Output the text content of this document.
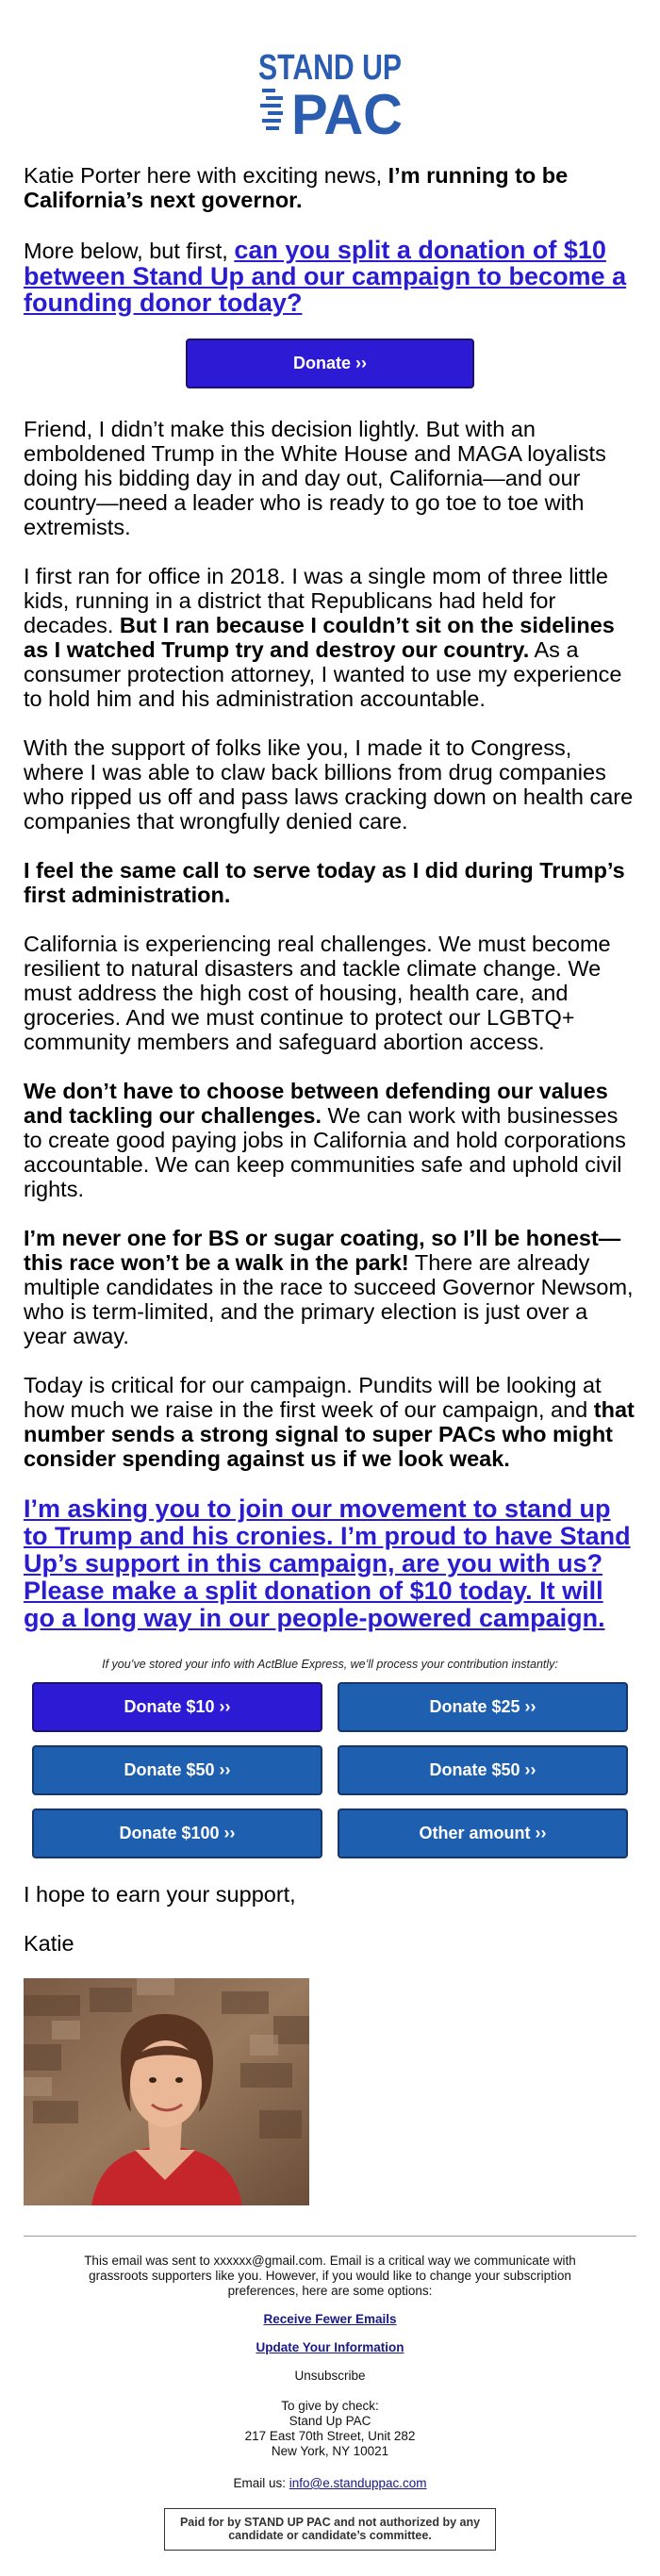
STAND UP
PAC

Katie Porter here with exciting news, I’m running to be California’s next governor.

More below, but first, can you split a donation of $10 between Stand Up and our campaign to become a founding donor today?

Donate ››

Friend, I didn’t make this decision lightly. But with an emboldened Trump in the White House and MAGA loyalists doing his bidding day in and day out, California—and our country—need a leader who is ready to go toe to toe with extremists.

I first ran for office in 2018. I was a single mom of three little kids, running in a district that Republicans had held for decades. But I ran because I couldn’t sit on the sidelines as I watched Trump try and destroy our country. As a consumer protection attorney, I wanted to use my experience to hold him and his administration accountable.

With the support of folks like you, I made it to Congress, where I was able to claw back billions from drug companies who ripped us off and pass laws cracking down on health care companies that wrongfully denied care.

I feel the same call to serve today as I did during Trump’s first administration.

California is experiencing real challenges. We must become resilient to natural disasters and tackle climate change. We must address the high cost of housing, health care, and groceries. And we must continue to protect our LGBTQ+ community members and safeguard abortion access.

We don’t have to choose between defending our values and tackling our challenges. We can work with businesses to create good paying jobs in California and hold corporations accountable. We can keep communities safe and uphold civil rights.

I’m never one for BS or sugar coating, so I’ll be honest—this race won’t be a walk in the park! There are already multiple candidates in the race to succeed Governor Newsom, who is term-limited, and the primary election is just over a year away.

Today is critical for our campaign. Pundits will be looking at how much we raise in the first week of our campaign, and that number sends a strong signal to super PACs who might consider spending against us if we look weak.

I’m asking you to join our movement to stand up to Trump and his cronies. I’m proud to have Stand Up’s support in this campaign, are you with us? Please make a split donation of $10 today. It will go a long way in our people-powered campaign.

If you’ve stored your info with ActBlue Express, we’ll process your contribution instantly:

Donate $10 ››	Donate $25 ››
Donate $50 ››	Donate $50 ››
Donate $100 ››	Other amount ››

I hope to earn your support,

Katie

This email was sent to xxxxxx@gmail.com. Email is a critical way we communicate with grassroots supporters like you. However, if you would like to change your subscription preferences, here are some options:

Receive Fewer Emails
Update Your Information
Unsubscribe
To give by check:
Stand Up PAC
217 East 70th Street, Unit 282
New York, NY 10021
Email us: info@e.standuppac.com
Paid for by STAND UP PAC and not authorized by any candidate or candidate’s committee.
